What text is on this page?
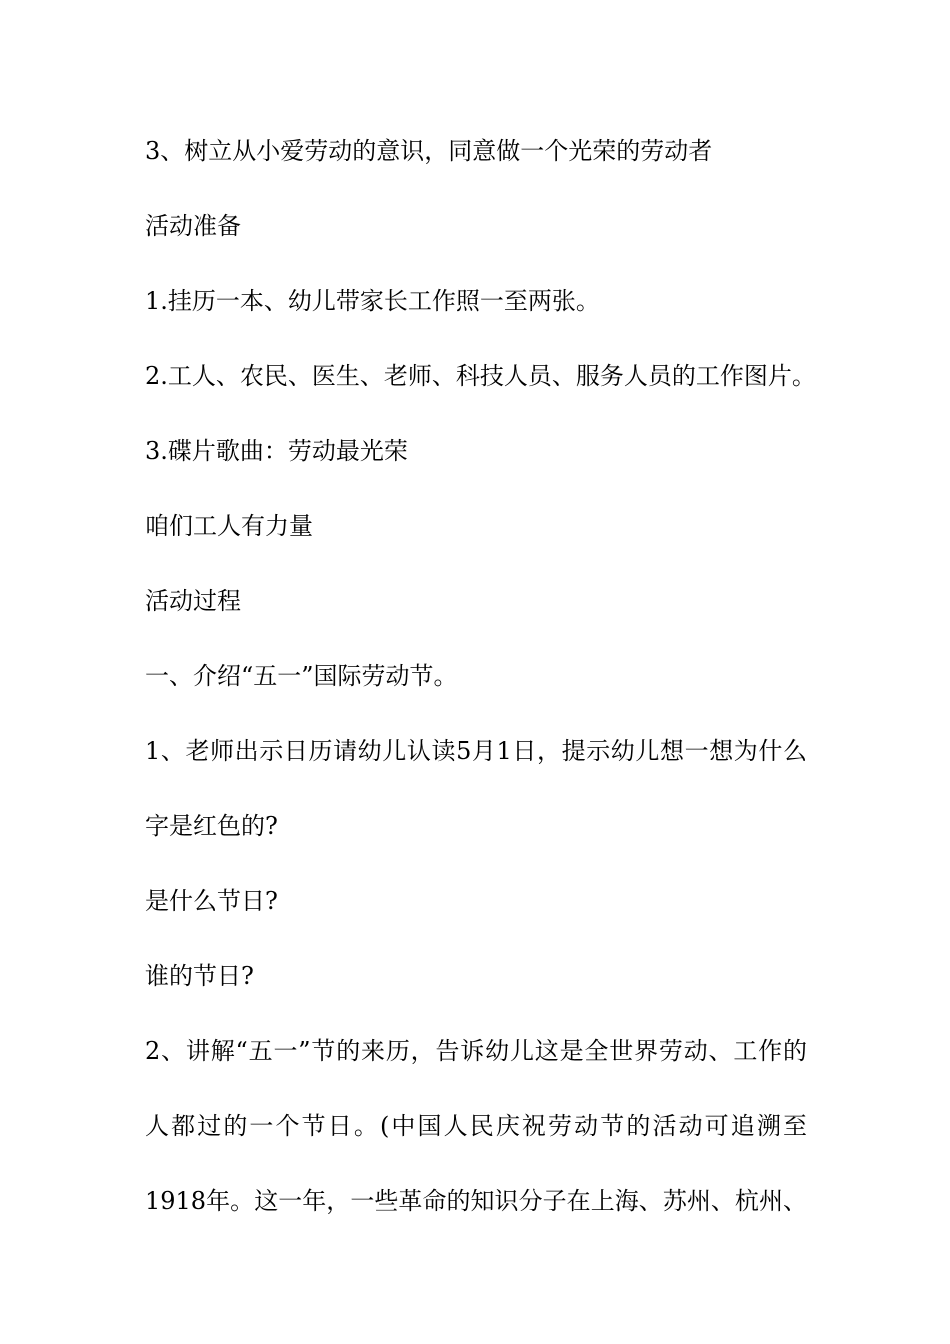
3、树立从小爱劳动的意识，同意做一个光荣的劳动者

活动准备

1.挂历一本、幼儿带家长工作照一至两张。

2.工人、农民、医生、老师、科技人员、服务人员的工作图片。

3.碟片歌曲：劳动最光荣

咱们工人有力量

活动过程

一、介绍“五一”国际劳动节。

1、老师出示日历请幼儿认读5月1日，提示幼儿想一想为什么

字是红色的?

是什么节日?

谁的节日?

2、讲解“五一”节的来历，告诉幼儿这是全世界劳动、工作的

人都过的一个节日。(中国人民庆祝劳动节的活动可追溯至

1918年。这一年，一些革命的知识分子在上海、苏州、杭州、
